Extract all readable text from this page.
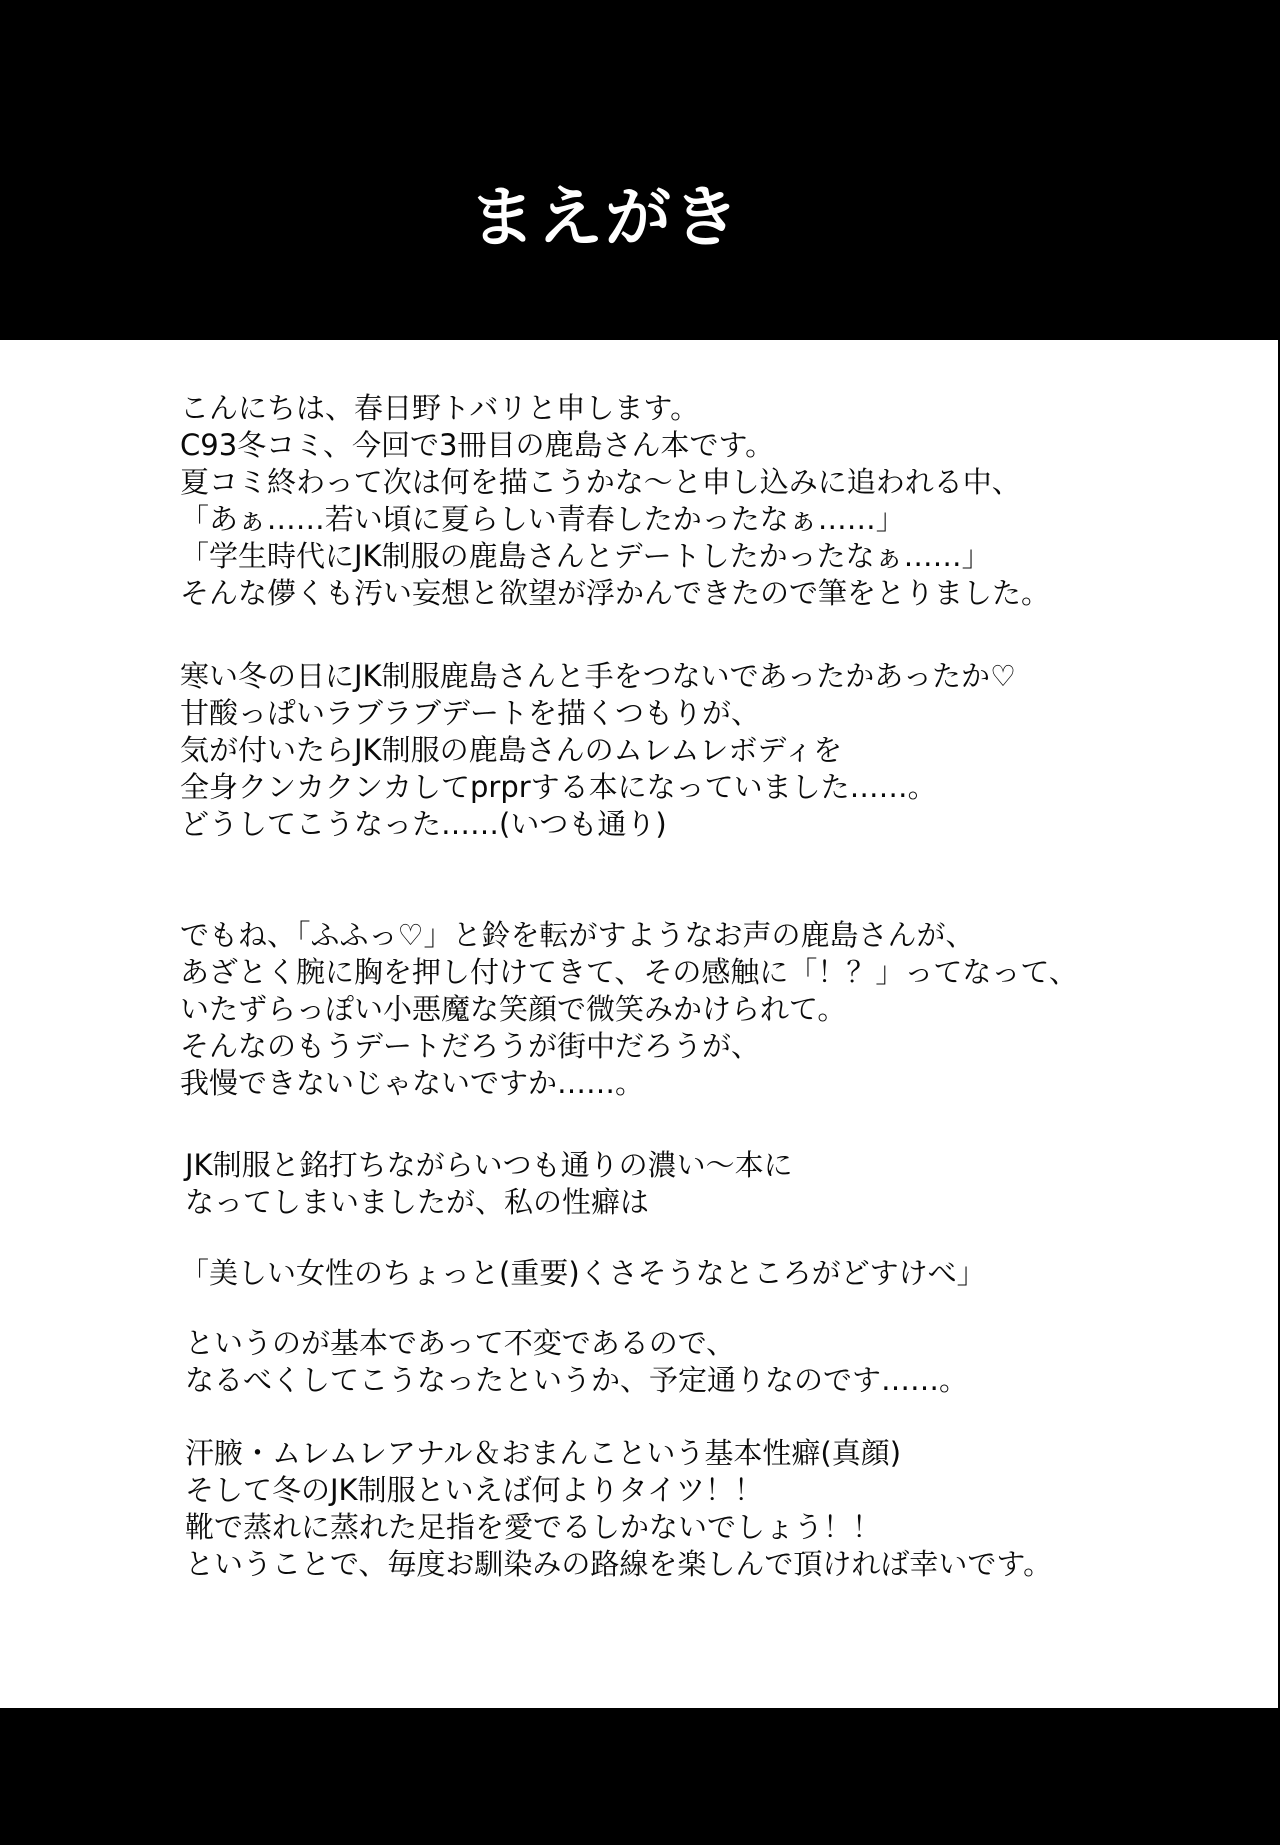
まえがき
こんにちは、春日野トバリと申します。
C93冬コミ、今回で3冊目の鹿島さん本です。
夏コミ終わって次は何を描こうかな～と申し込みに追われる中、
「あぁ……若い頃に夏らしい青春したかったなぁ……」
「学生時代にJK制服の鹿島さんとデートしたかったなぁ……」
そんな儚くも汚い妄想と欲望が浮かんできたので筆をとりました。
寒い冬の日にJK制服鹿島さんと手をつないであったかあったか♡
甘酸っぱいラブラブデートを描くつもりが、
気が付いたらJK制服の鹿島さんのムレムレボディを
全身クンカクンカしてprprする本になっていました……。
どうしてこうなった……(いつも通り)
でもね、「ふふっ♡」と鈴を転がすようなお声の鹿島さんが、
あざとく腕に胸を押し付けてきて、その感触に「！？」ってなって、
いたずらっぽい小悪魔な笑顔で微笑みかけられて。
そんなのもうデートだろうが街中だろうが、
我慢できないじゃないですか……。
JK制服と銘打ちながらいつも通りの濃い～本に
なってしまいましたが、私の性癖は
「美しい女性のちょっと(重要)くさそうなところがどすけべ」
というのが基本であって不変であるので、
なるべくしてこうなったというか、予定通りなのです……。
汗腋・ムレムレアナル＆おまんこという基本性癖(真顔)
そして冬のJK制服といえば何よりタイツ！！
靴で蒸れに蒸れた足指を愛でるしかないでしょう！！
ということで、毎度お馴染みの路線を楽しんで頂ければ幸いです。
